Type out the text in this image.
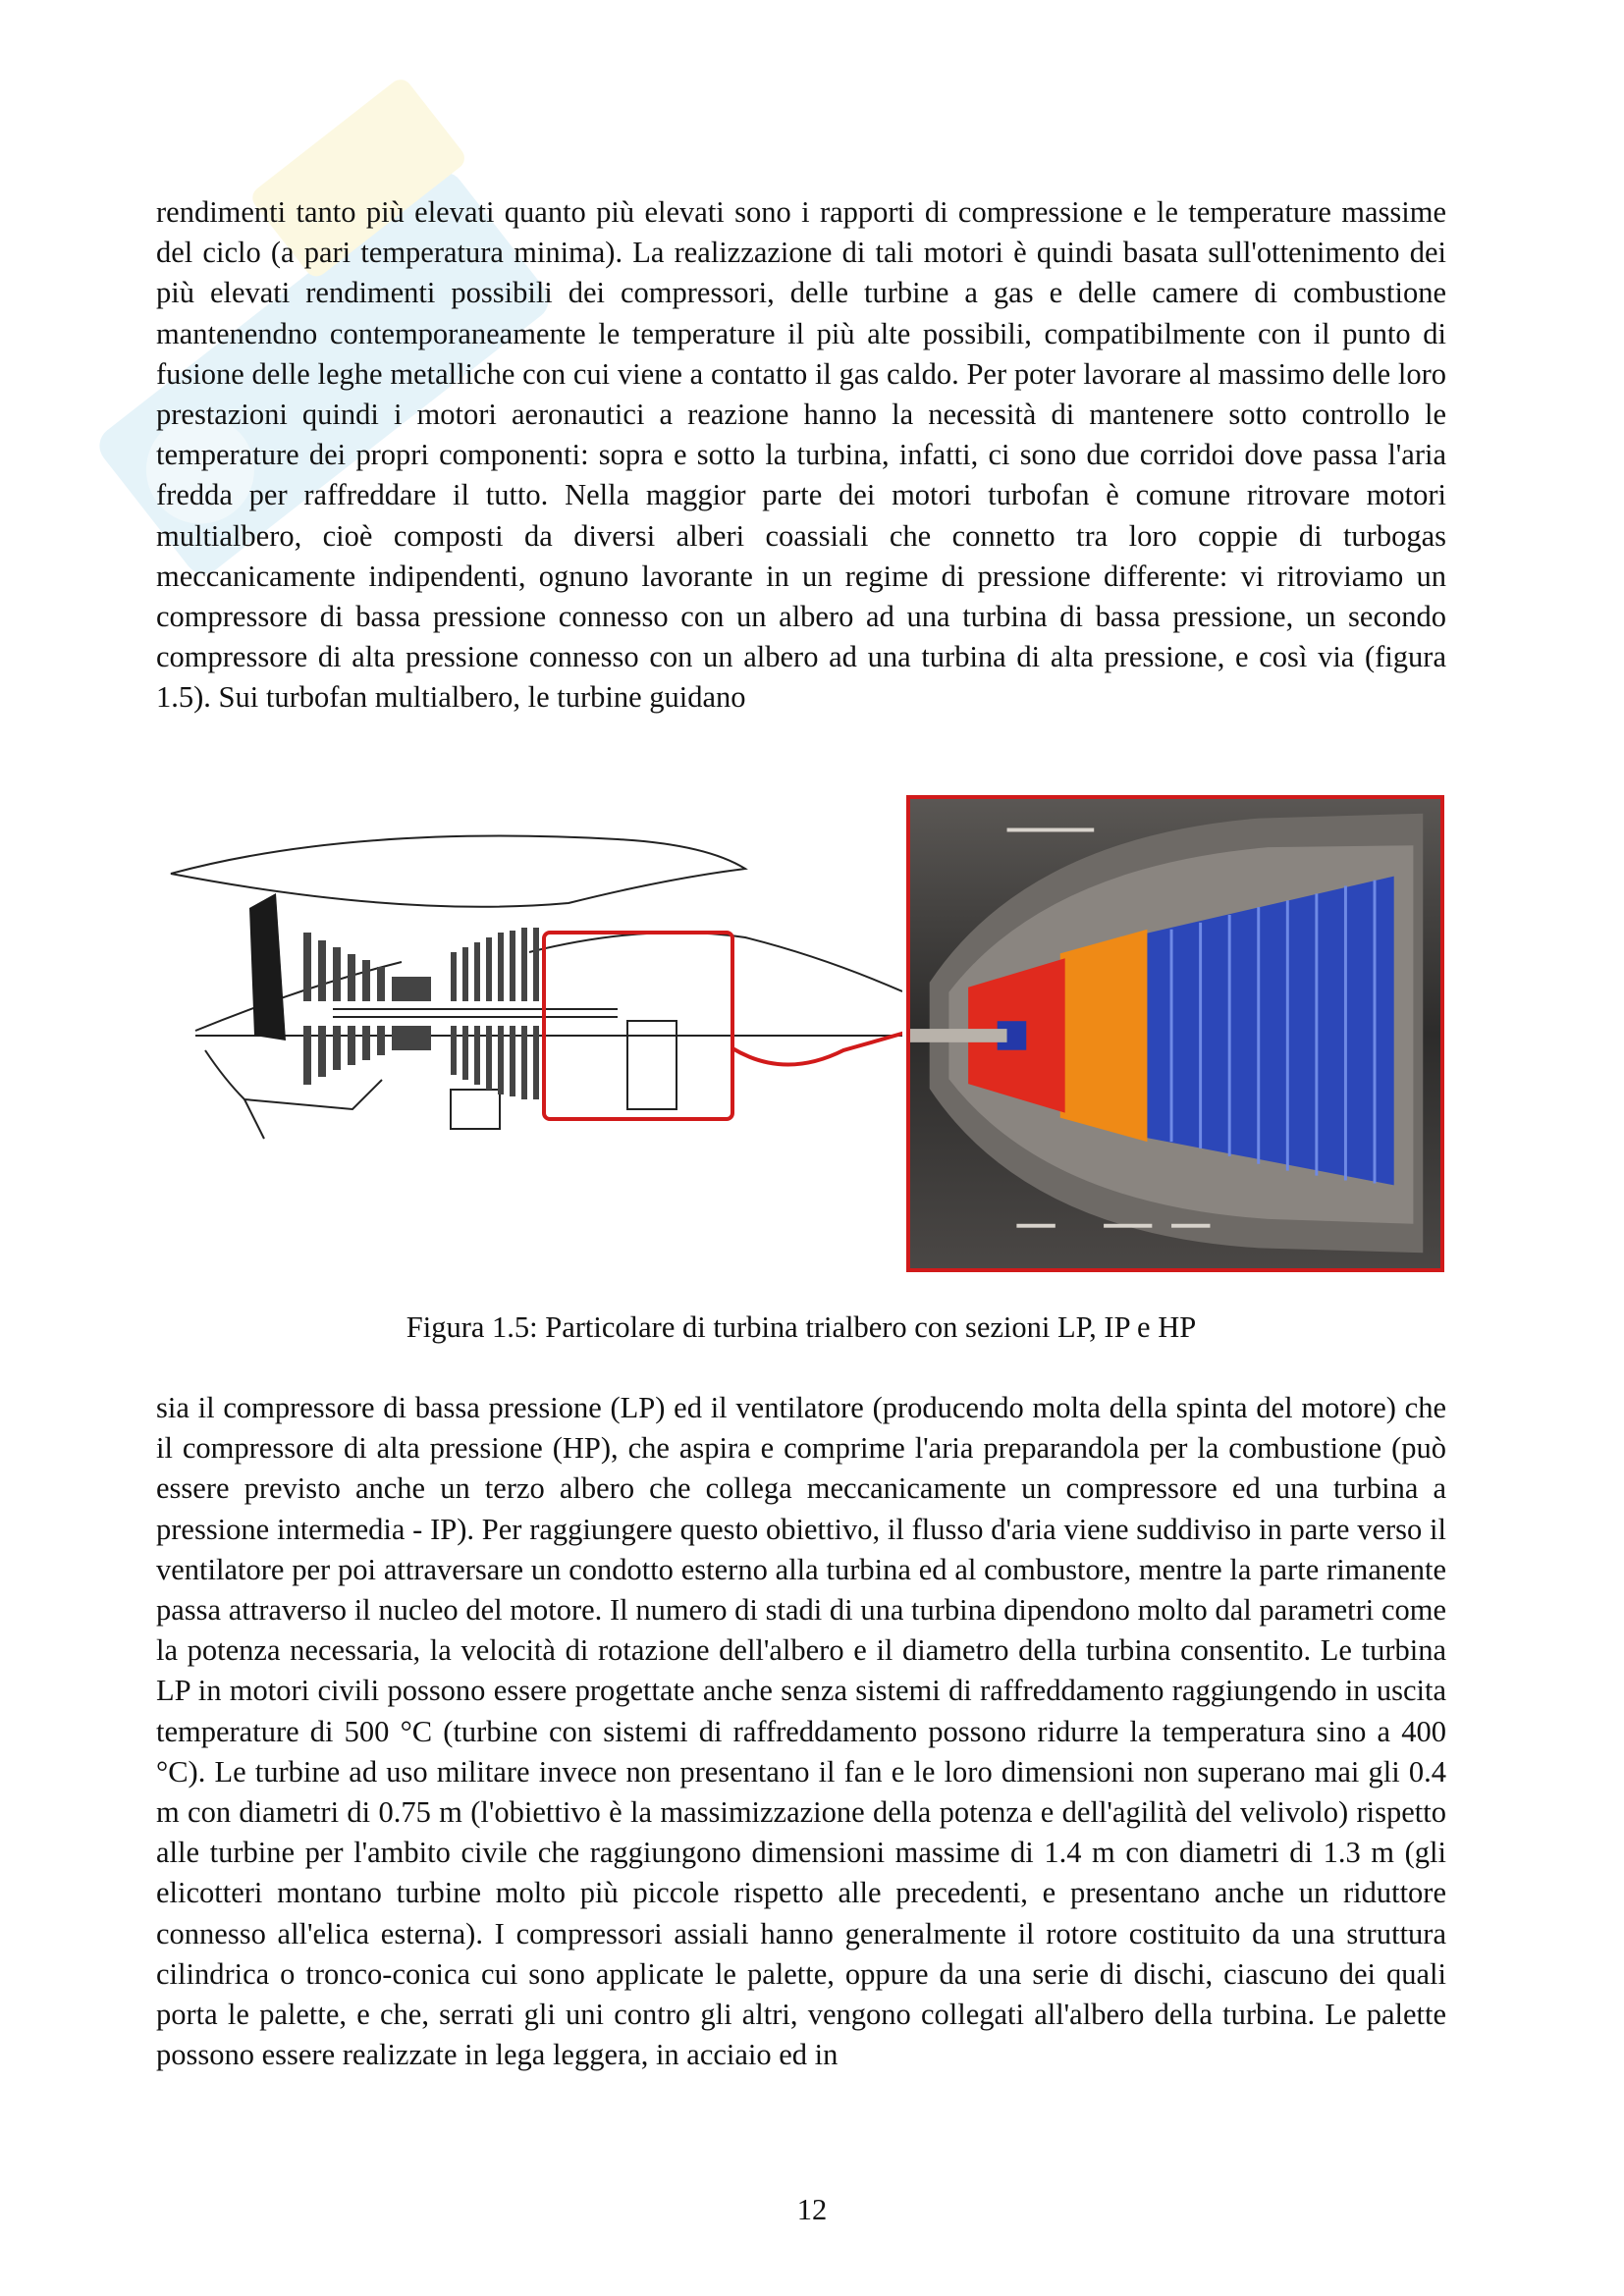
rendimenti tanto più elevati quanto più elevati sono i rapporti di compressione e le temperature massime del ciclo (a pari temperatura minima). La realizzazione di tali motori è quindi basata sull'ottenimento dei più elevati rendimenti possibili dei compressori, delle turbine a gas e delle camere di combustione mantenendno contemporaneamente le temperature il più alte possibili, compatibilmente con il punto di fusione delle leghe metalliche con cui viene a contatto il gas caldo. Per poter lavorare al massimo delle loro prestazioni quindi i motori aeronautici a reazione hanno la necessità di mantenere sotto controllo le temperature dei propri componenti: sopra e sotto la turbina, infatti, ci sono due corridoi dove passa l'aria fredda per raffreddare il tutto. Nella maggior parte dei motori turbofan è comune ritrovare motori multialbero, cioè composti da diversi alberi coassiali che connetto tra loro coppie di turbogas meccanicamente indipendenti, ognuno lavorante in un regime di pressione differente: vi ritroviamo un compressore di bassa pressione connesso con un albero ad una turbina di bassa pressione, un secondo compressore di alta pressione connesso con un albero ad una turbina di alta pressione, e così via (figura 1.5). Sui turbofan multialbero, le turbine guidano

Figura 1.5: Particolare di turbina trialbero con sezioni LP, IP e HP

sia il compressore di bassa pressione (LP) ed il ventilatore (producendo molta della spinta del motore) che il compressore di alta pressione (HP), che aspira e comprime l'aria preparandola per la combustione (può essere previsto anche un terzo albero che collega meccanicamente un compressore ed una turbina a pressione intermedia - IP). Per raggiungere questo obiettivo, il flusso d'aria viene suddiviso in parte verso il ventilatore per poi attraversare un condotto esterno alla turbina ed al combustore, mentre la parte rimanente passa attraverso il nucleo del motore. Il numero di stadi di una turbina dipendono molto dal parametri come la potenza necessaria, la velocità di rotazione dell'albero e il diametro della turbina consentito. Le turbina LP in motori civili possono essere progettate anche senza sistemi di raffreddamento raggiungendo in uscita temperature di 500 °C (turbine con sistemi di raffreddamento possono ridurre la temperatura sino a 400 °C). Le turbine ad uso militare invece non presentano il fan e le loro dimensioni non superano mai gli 0.4 m con diametri di 0.75 m (l'obiettivo è la massimizzazione della potenza e dell'agilità del velivolo) rispetto alle turbine per l'ambito civile che raggiungono dimensioni massime di 1.4 m con diametri di 1.3 m (gli elicotteri montano turbine molto più piccole rispetto alle precedenti, e presentano anche un riduttore connesso all'elica esterna). I compressori assiali hanno generalmente il rotore costituito da una struttura cilindrica o tronco-conica cui sono applicate le palette, oppure da una serie di dischi, ciascuno dei quali porta le palette, e che, serrati gli uni contro gli altri, vengono collegati all'albero della turbina. Le palette possono essere realizzate in lega leggera, in acciaio ed in

12
